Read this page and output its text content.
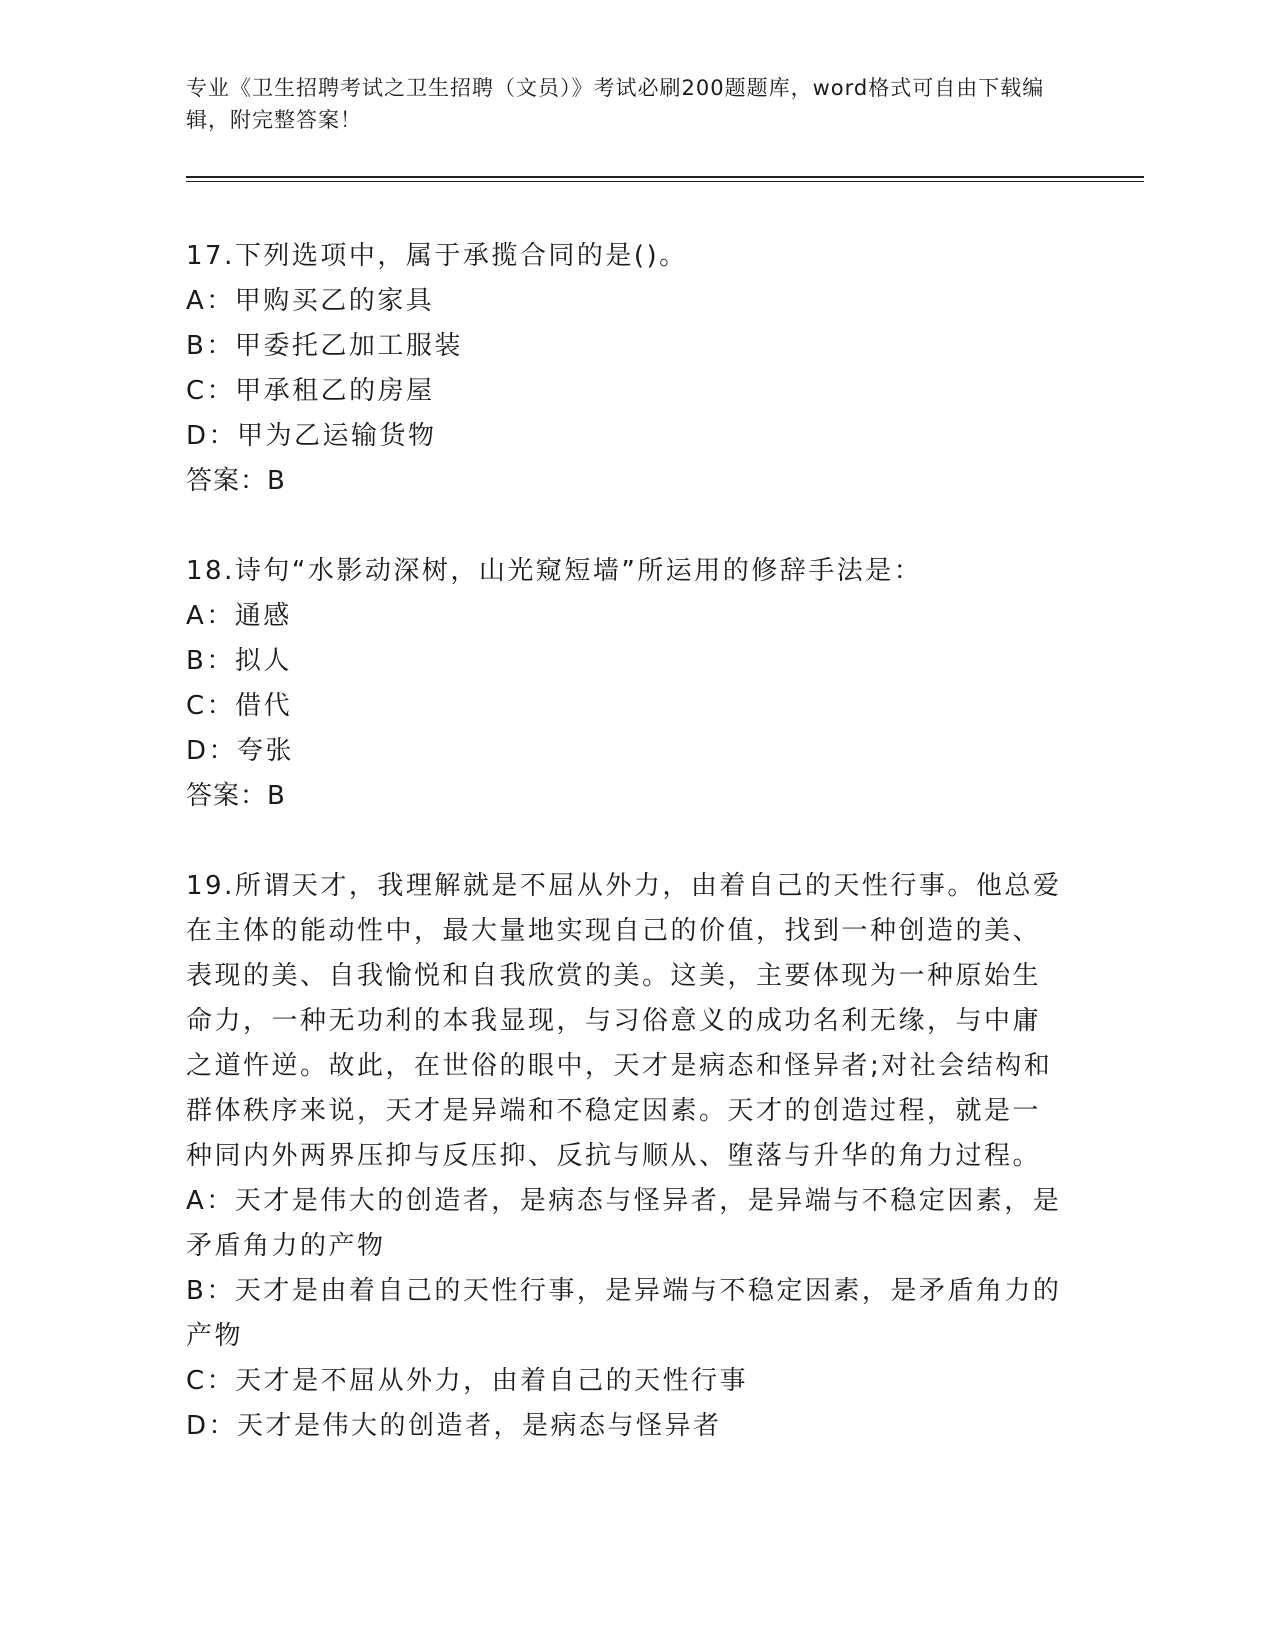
专业《卫生招聘考试之卫生招聘（文员）》考试必刷200题题库，word格式可自由下载编辑，附完整答案！

17.下列选项中，属于承揽合同的是()。

A：甲购买乙的家具

B：甲委托乙加工服装

C：甲承租乙的房屋

D：甲为乙运输货物

答案：B

18.诗句“水影动深树，山光窥短墙”所运用的修辞手法是：

A：通感

B：拟人

C：借代

D：夸张

答案：B

19.所谓天才，我理解就是不屈从外力，由着自己的天性行事。他总爱在主体的能动性中，最大量地实现自己的价值，找到一种创造的美、表现的美、自我愉悦和自我欣赏的美。这美，主要体现为一种原始生命力，一种无功利的本我显现，与习俗意义的成功名利无缘，与中庸之道忤逆。故此，在世俗的眼中，天才是病态和怪异者;对社会结构和群体秩序来说，天才是异端和不稳定因素。天才的创造过程，就是一种同内外两界压抑与反压抑、反抗与顺从、堕落与升华的角力过程。

A：天才是伟大的创造者，是病态与怪异者，是异端与不稳定因素，是矛盾角力的产物

B：天才是由着自己的天性行事，是异端与不稳定因素，是矛盾角力的产物

C：天才是不屈从外力，由着自己的天性行事

D：天才是伟大的创造者，是病态与怪异者
